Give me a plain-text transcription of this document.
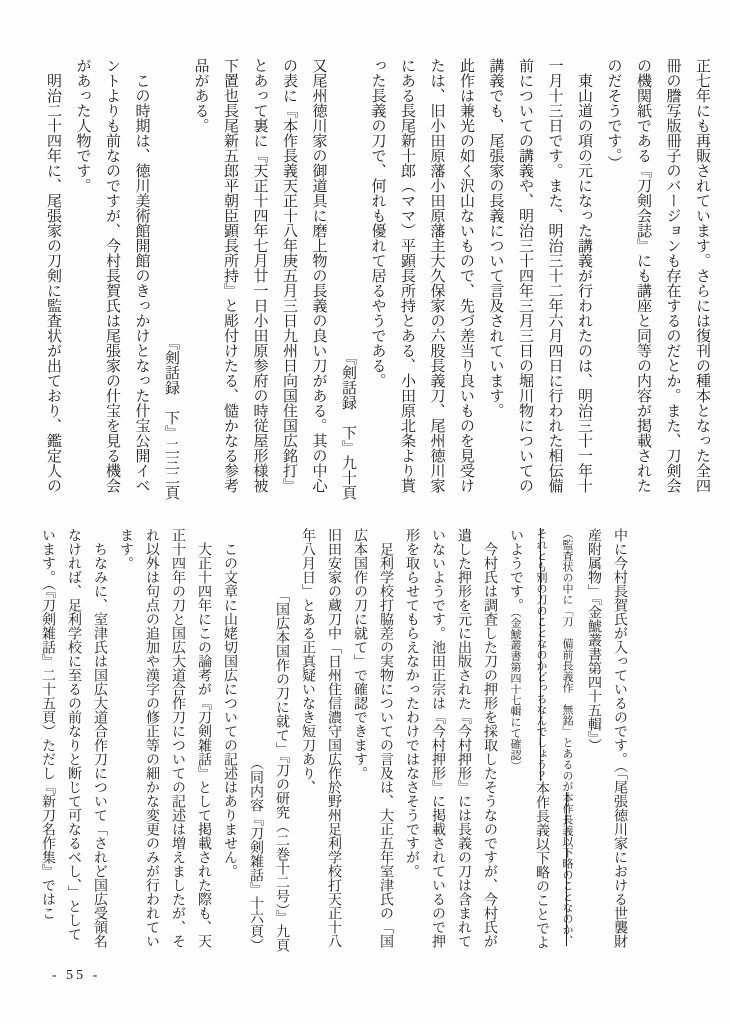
正七年にも再販されています。さらには復刊の種本となった全四冊の謄写版冊子のバージョンも存在するのだとか。また、刀剣会の機関紙である『刀剣会誌』にも講座と同等の内容が掲載されたのだそうです。）

東山道の項の元になった講義が行われたのは、明治三十一年十一月十三日です。また、明治三十二年六月四日に行われた相伝備前についての講義や、明治三十四年三月三日の堀川物についての講義でも、尾張家の長義について言及されています。

此作は兼光の如く沢山ないもので、先づ差当り良いものを見受けたは、旧小田原藩小田原藩主大久保家の六股長義刀、尾州徳川家にある長尾新十郎（ママ）平顕長所持とある、小田原北条より貰った長義の刀で、何れも優れて居るやうである。

『剣話録　下』九十頁

又尾州徳川家の御道具に磨上物の長義の良い刀がある。其の中心の表に『本作長義天正十八年庚五月三日九州日向国住国広銘打』とあって裏に『天正十四年七月廿一日小田原参府の時従屋形様被下置也長尾新五郎平朝臣顕長所持』と彫付けたる、慥かなる参考品がある。

『剣話録　下』二三二頁

この時期は、徳川美術館開館のきっかけとなった什宝公開イベントよりも前なのですが、今村長賀氏は尾張家の什宝を見る機会があった人物です。

明治二十四年に、尾張家の刀剣に監査状が出ており、鑑定人の

中に今村長賀氏が入っているのです。（「尾張徳川家における世襲財産附属物」『金鯱叢書第四十五輯』）

（監査状の中に「刀　備前長義作　無銘」とあるのが本作長義以下略のことなのか、それとも別の刀のことなのかどっちなんでしょう？本作長義以下略のことでよいようです。（金鯱叢書第四十七輯にて確認）

今村氏は調査した刀の押形を採取したそうなのですが、今村氏が遺した押形を元に出版された『今村押形』には長義の刀は含まれていないようです。池田正宗は『今村押形』に掲載されているので押形を取らせてもらえなかったわけではなさそうですが。

足利学校打脇差の実物についての言及は、大正五年室津氏の「国広本国作の刀に就て」で確認できます。

旧田安家の蔵刀中「日州住信濃守国広作於野州足利学校打天正十八年八月日」とある正真疑いなき短刀あり、

「国広本国作の刀に就て」『刀の研究（二巻十二号）』九頁

（同内容『刀剣雑話』十六頁）

この文章に山姥切国広についての記述はありません。

大正十四年にこの論考が『刀剣雑話』として掲載された際も、天正十四年の刀と国広大道合作刀についての記述は増えましたが、それ以外は句点の追加や漢字の修正等の細かな変更のみが行われています。

ちなみに、室津氏は国広大道合作刀について「されど国広受領名なければ、足利学校に至るの前なりと断じて可なるべし、」としています。（『刀剣雑話』二十五頁）ただし『新刀名作集』ではこ

- 55 -
